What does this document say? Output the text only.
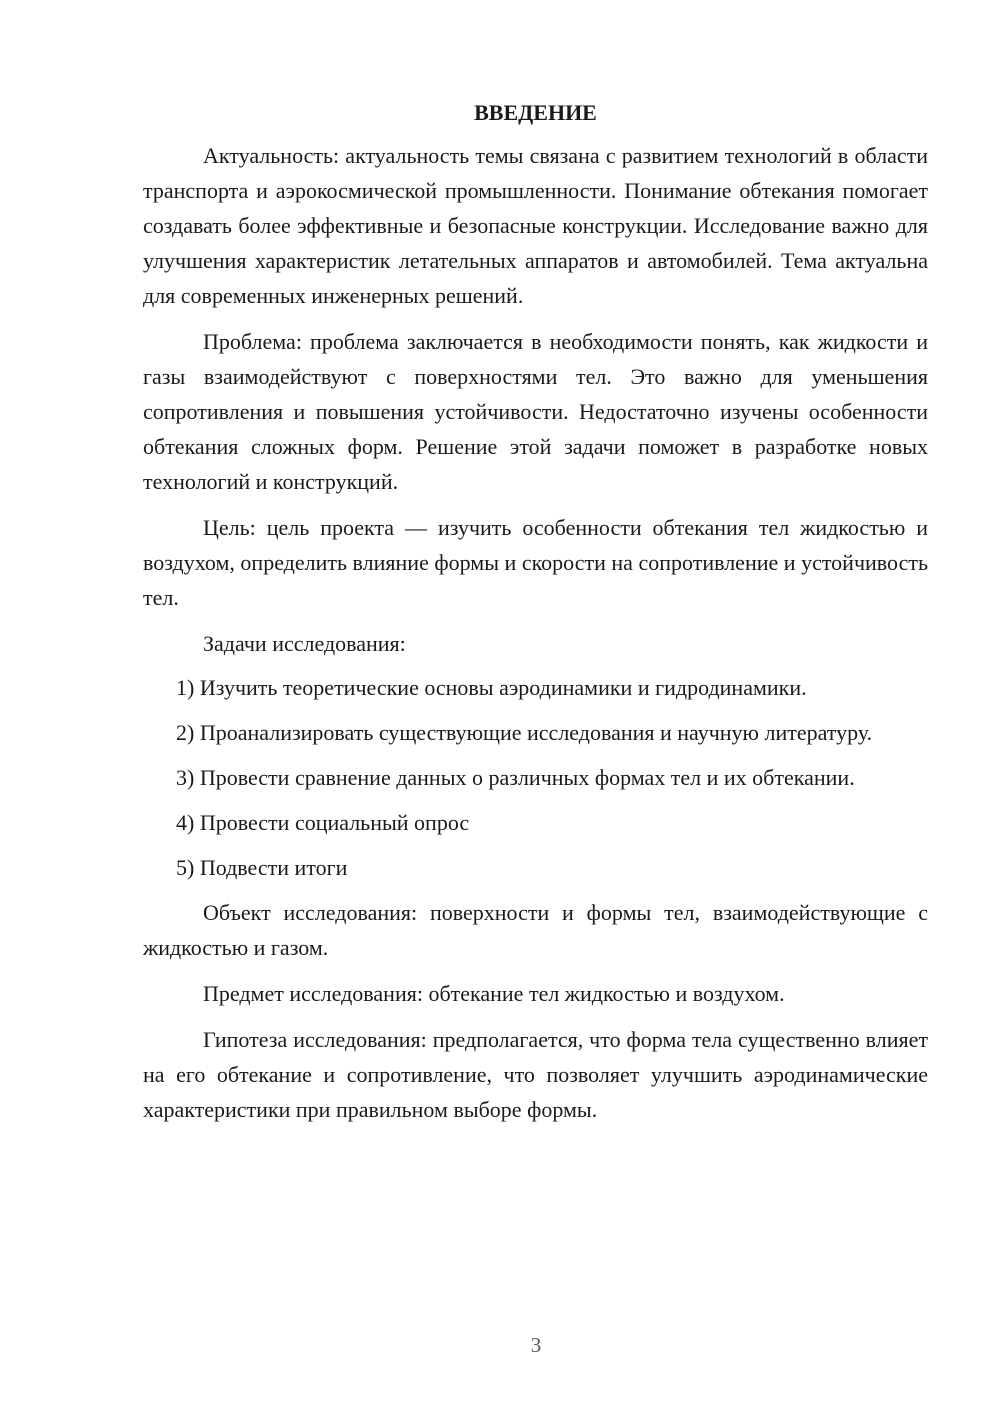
ВВЕДЕНИЕ

Актуальность: актуальность темы связана с развитием технологий в области транспорта и аэрокосмической промышленности. Понимание обтекания помогает создавать более эффективные и безопасные конструкции. Исследование важно для улучшения характеристик летательных аппаратов и автомобилей. Тема актуальна для современных инженерных решений.

Проблема: проблема заключается в необходимости понять, как жидкости и газы взаимодействуют с поверхностями тел. Это важно для уменьшения сопротивления и повышения устойчивости. Недостаточно изучены особенности обтекания сложных форм. Решение этой задачи поможет в разработке новых технологий и конструкций.

Цель: цель проекта — изучить особенности обтекания тел жидкостью и воздухом, определить влияние формы и скорости на сопротивление и устойчивость тел.

Задачи исследования:

1) Изучить теоретические основы аэродинамики и гидродинамики.

2) Проанализировать существующие исследования и научную литературу.

3) Провести сравнение данных о различных формах тел и их обтекании.

4) Провести социальный опрос

5) Подвести итоги

Объект исследования: поверхности и формы тел, взаимодействующие с жидкостью и газом.

Предмет исследования: обтекание тел жидкостью и воздухом.

Гипотеза исследования: предполагается, что форма тела существенно влияет на его обтекание и сопротивление, что позволяет улучшить аэродинамические характеристики при правильном выборе формы.

3
